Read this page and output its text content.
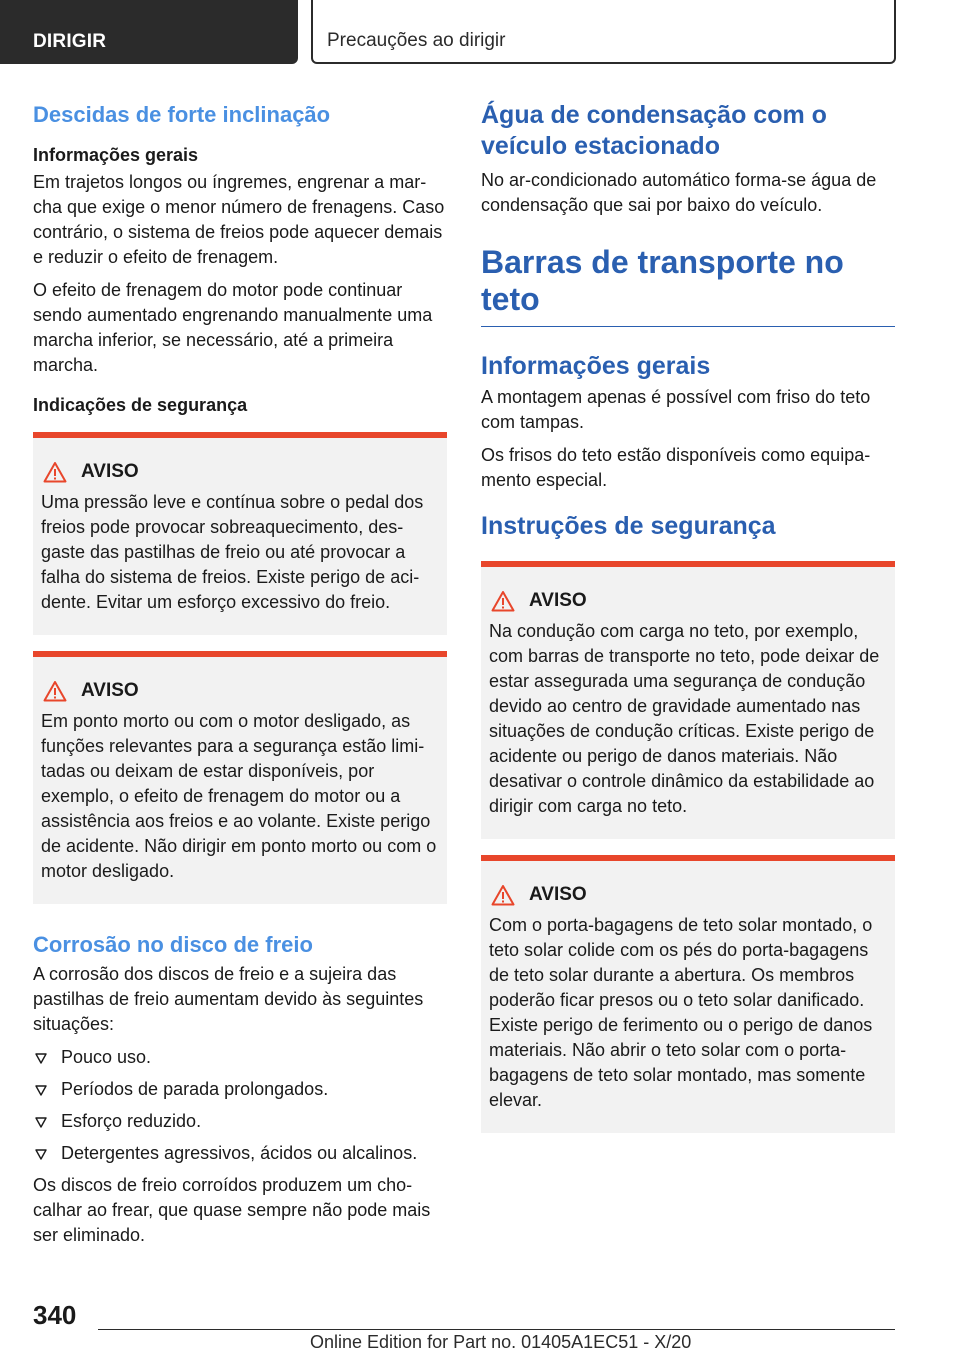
DIRIGIR	Precauções ao dirigir
Descidas de forte inclinação
Informações gerais

Em trajetos longos ou íngremes, engrenar a marcha que exige o menor número de frenagens. Caso contrário, o sistema de freios pode aquecer demais e reduzir o efeito de frenagem.

O efeito de frenagem do motor pode continuar sendo aumentado engrenando manualmente uma marcha inferior, se necessário, até a primeira marcha.

Indicações de segurança
AVISO

Uma pressão leve e contínua sobre o pedal dos freios pode provocar sobreaquecimento, desgaste das pastilhas de freio ou até provocar a falha do sistema de freios. Existe perigo de acidente. Evitar um esforço excessivo do freio.

AVISO

Em ponto morto ou com o motor desligado, as funções relevantes para a segurança estão limitadas ou deixam de estar disponíveis, por exemplo, o efeito de frenagem do motor ou a assistência aos freios e ao volante. Existe perigo de acidente. Não dirigir em ponto morto ou com o motor desligado.

Corrosão no disco de freio

A corrosão dos discos de freio e a sujeira das pastilhas de freio aumentam devido às seguintes situações:

Pouco uso.
Períodos de parada prolongados.
Esforço reduzido.
Detergentes agressivos, ácidos ou alcalinos.

Os discos de freio corroídos produzem um chocalhar ao frear, que quase sempre não pode mais ser eliminado.

Água de condensação com o veículo estacionado

No ar-condicionado automático forma-se água de condensação que sai por baixo do veículo.

Barras de transporte no teto
Informações gerais

A montagem apenas é possível com friso do teto com tampas.

Os frisos do teto estão disponíveis como equipamento especial.

Instruções de segurança
AVISO

Na condução com carga no teto, por exemplo, com barras de transporte no teto, pode deixar de estar assegurada uma segurança de condução devido ao centro de gravidade aumentado nas situações de condução críticas. Existe perigo de acidente ou perigo de danos materiais. Não desativar o controle dinâmico da estabilidade ao dirigir com carga no teto.

AVISO

Com o porta-bagagens de teto solar montado, o teto solar colide com os pés do porta-bagagens de teto solar durante a abertura. Os membros poderão ficar presos ou o teto solar danificado. Existe perigo de ferimento ou o perigo de danos materiais. Não abrir o teto solar com o porta-bagagens de teto solar montado, mas somente elevar.

340
Online Edition for Part no. 01405A1EC51 - X/20
